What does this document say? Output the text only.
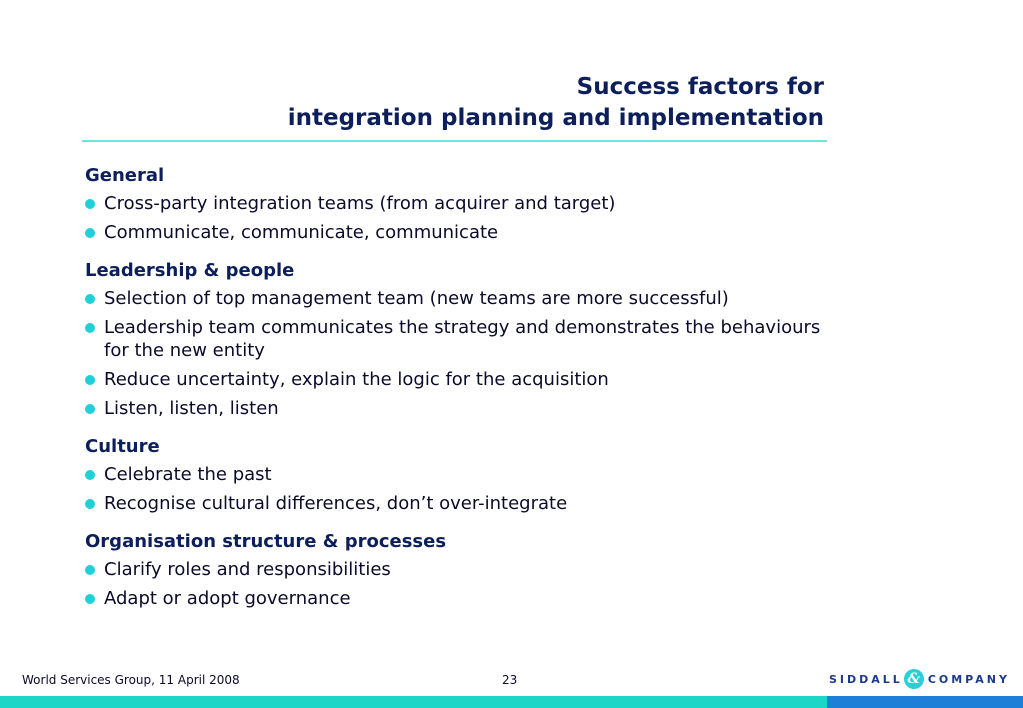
Success factors for
integration planning and implementation
General
Cross-party integration teams (from acquirer and target)
Communicate, communicate, communicate
Leadership & people
Selection of top management team (new teams are more successful)
Leadership team communicates the strategy and demonstrates the behaviours for the new entity
Reduce uncertainty, explain the logic for the acquisition
Listen, listen, listen
Culture
Celebrate the past
Recognise cultural differences, don’t over-integrate
Organisation structure & processes
Clarify roles and responsibilities
Adapt or adopt governance
World Services Group, 11 April 2008	23	SIDDALL & COMPANY
